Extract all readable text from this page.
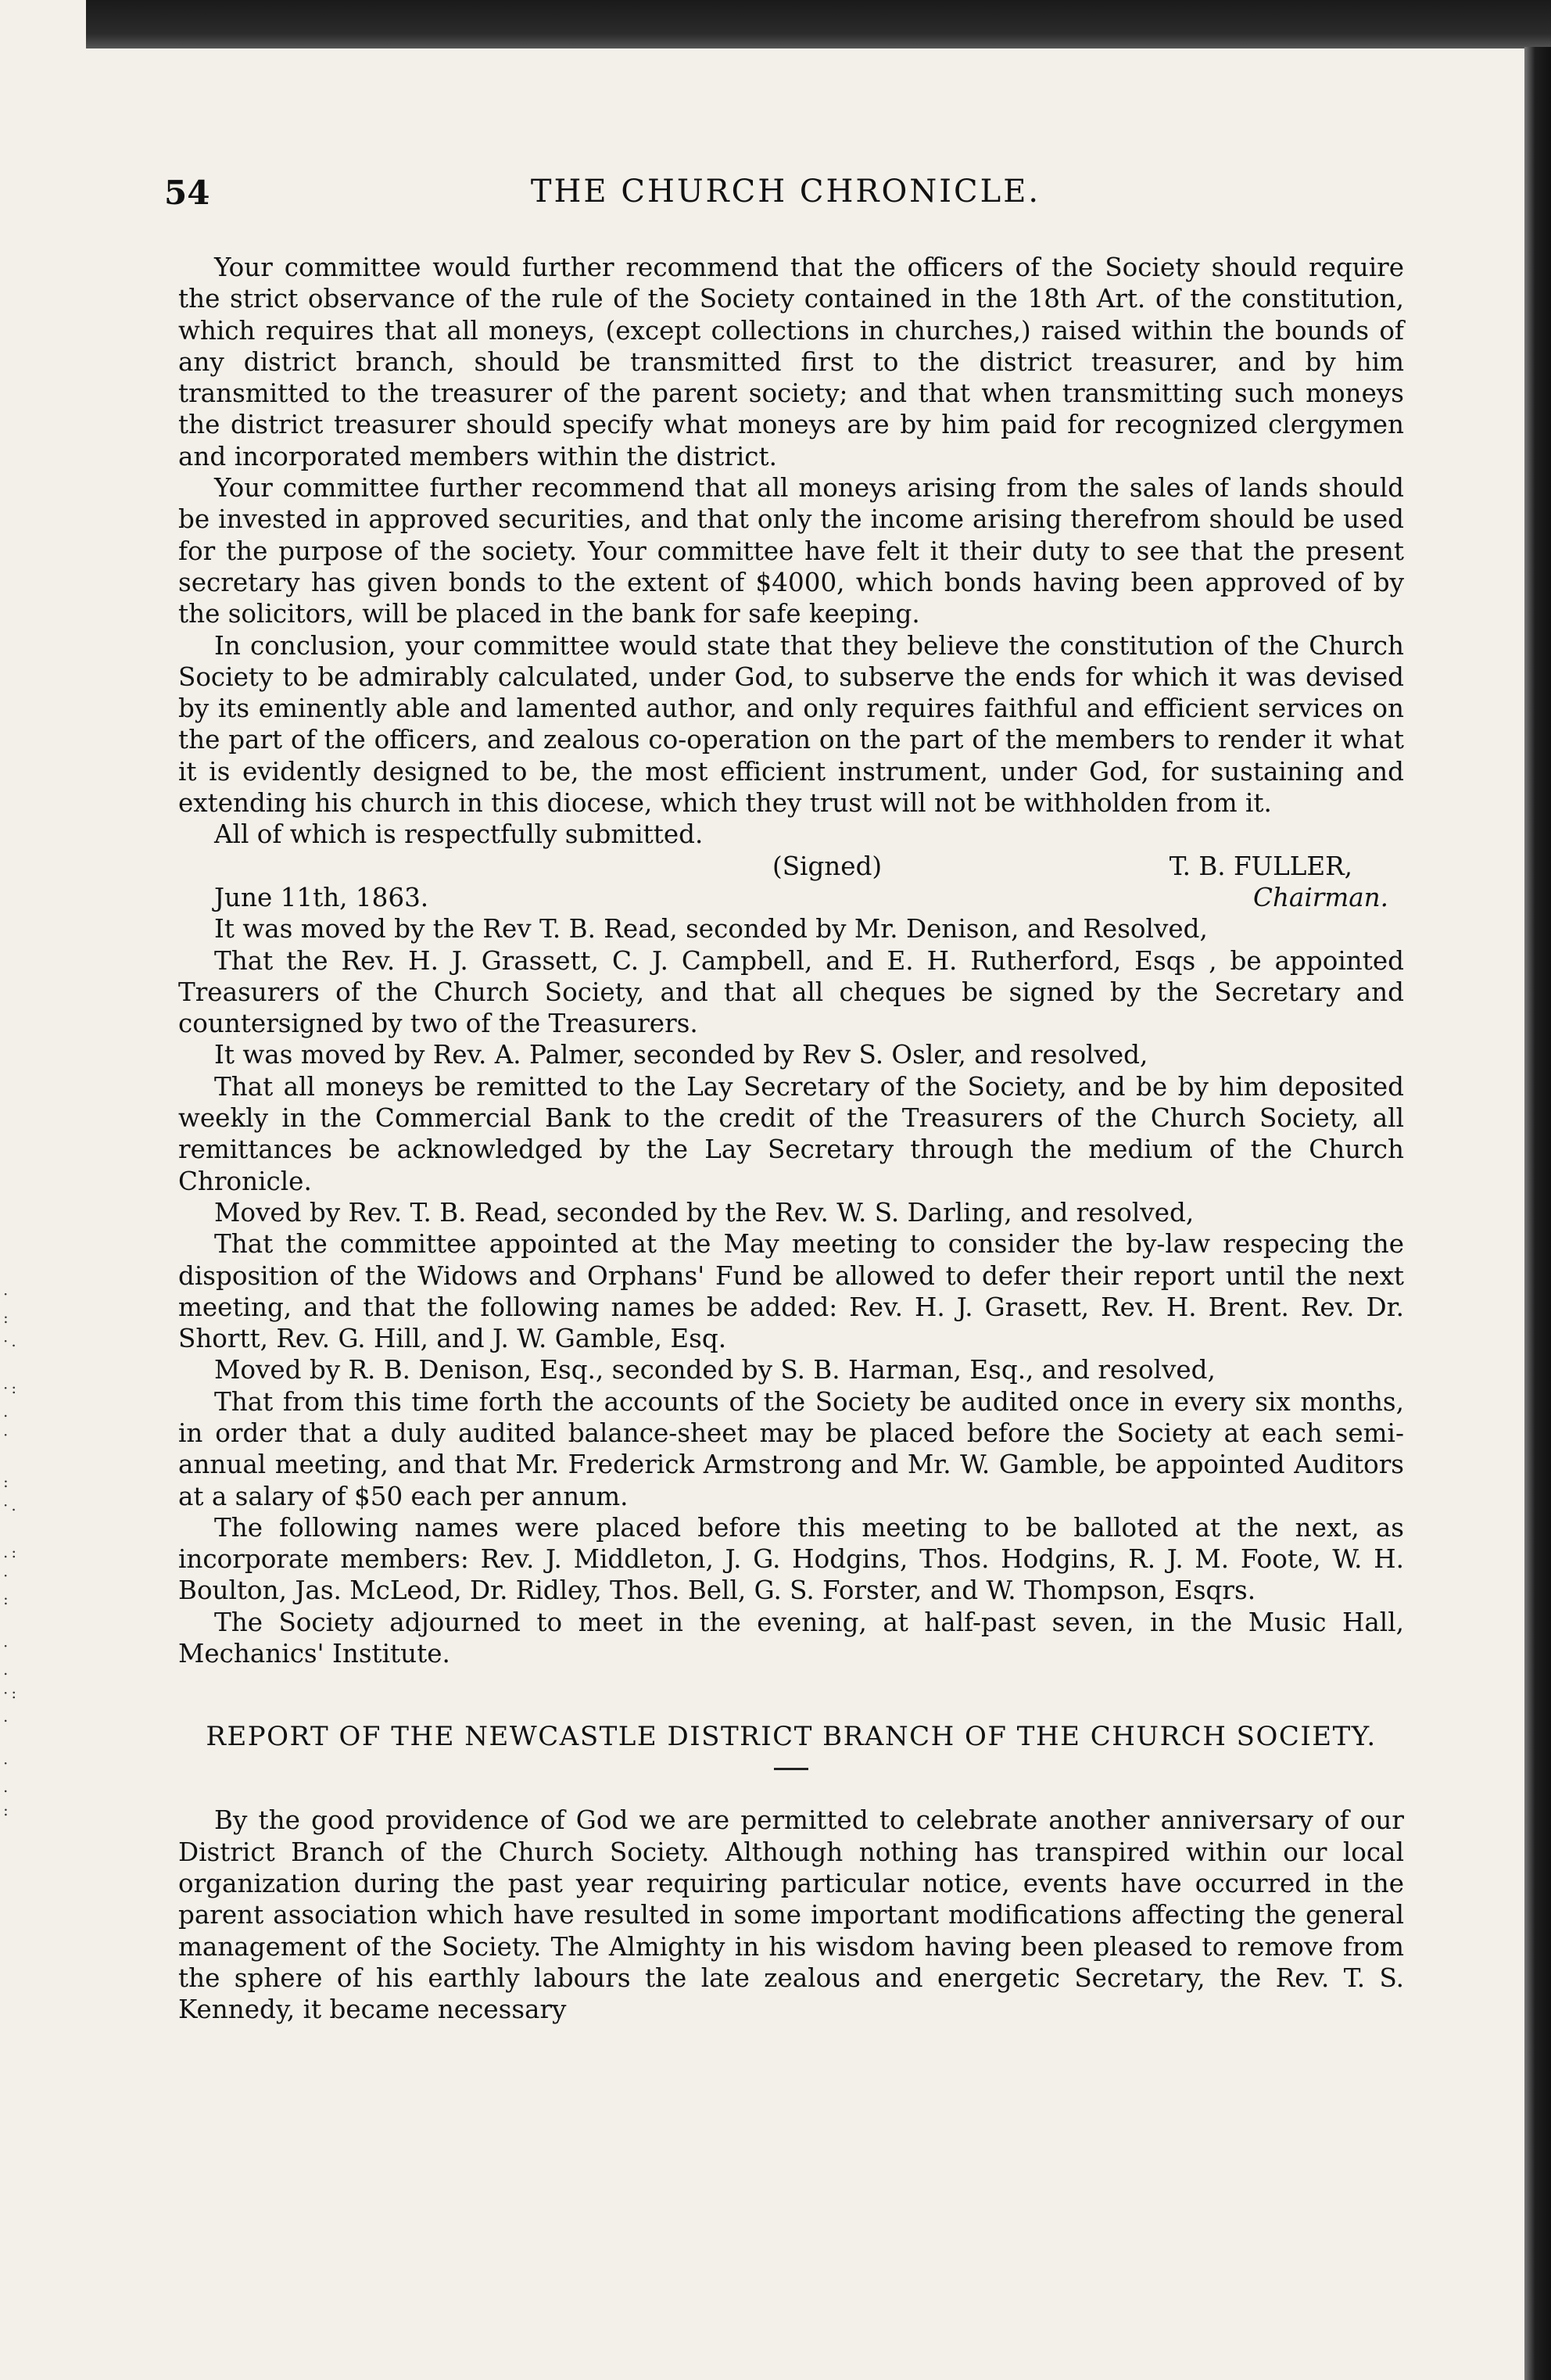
·
:
·.

·:
.
·

:
·.

.:
·
:

·
.
·:
.

·
.
:
THE CHURCH CHRONICLE.
54

Your committee would further recommend that the officers of the Society should require the strict observance of the rule of the Society contained in the 18th Art. of the constitution, which requires that all moneys, (except collections in churches,) raised within the bounds of any district branch, should be transmitted first to the district treasurer, and by him transmitted to the treasurer of the parent society; and that when transmitting such moneys the district treasurer should specify what moneys are by him paid for recognized clergymen and incorporated members within the district.

Your committee further recommend that all moneys arising from the sales of lands should be invested in approved securities, and that only the income arising therefrom should be used for the purpose of the society. Your committee have felt it their duty to see that the present secretary has given bonds to the extent of $4000, which bonds having been approved of by the solicitors, will be placed in the bank for safe keeping.

In conclusion, your committee would state that they believe the constitution of the Church Society to be admirably calculated, under God, to subserve the ends for which it was devised by its eminently able and lamented author, and only requires faithful and efficient services on the part of the officers, and zealous co-operation on the part of the members to render it what it is evidently designed to be, the most efficient instrument, under God, for sustaining and extending his church in this diocese, which they trust will not be withholden from it.

All of which is respectfully submitted.

(Signed)	T. B. FULLER,
June 11th, 1863.	Chairman.

It was moved by the Rev T. B. Read, seconded by Mr. Denison, and Resolved,

That the Rev. H. J. Grassett, C. J. Campbell, and E. H. Rutherford, Esqs , be appointed Treasurers of the Church Society, and that all cheques be signed by the Secretary and countersigned by two of the Treasurers.

It was moved by Rev. A. Palmer, seconded by Rev S. Osler, and resolved,

That all moneys be remitted to the Lay Secretary of the Society, and be by him deposited weekly in the Commercial Bank to the credit of the Treasurers of the Church Society, all remittances be acknowledged by the Lay Secretary through the medium of the Church Chronicle.

Moved by Rev. T. B. Read, seconded by the Rev. W. S. Darling, and resolved,

That the committee appointed at the May meeting to consider the by-law respecing the disposition of the Widows and Orphans' Fund be allowed to defer their report until the next meeting, and that the following names be added: Rev. H. J. Grasett, Rev. H. Brent. Rev. Dr. Shortt, Rev. G. Hill, and J. W. Gamble, Esq.

Moved by R. B. Denison, Esq., seconded by S. B. Harman, Esq., and resolved,

That from this time forth the accounts of the Society be audited once in every six months, in order that a duly audited balance-sheet may be placed before the Society at each semi-annual meeting, and that Mr. Frederick Armstrong and Mr. W. Gamble, be appointed Auditors at a salary of $50 each per annum.

The following names were placed before this meeting to be balloted at the next, as incorporate members: Rev. J. Middleton, J. G. Hodgins, Thos. Hodgins, R. J. M. Foote, W. H. Boulton, Jas. McLeod, Dr. Ridley, Thos. Bell, G. S. Forster, and W. Thompson, Esqrs.

The Society adjourned to meet in the evening, at half-past seven, in the Music Hall, Mechanics' Institute.

REPORT OF THE NEWCASTLE DISTRICT BRANCH OF THE CHURCH SOCIETY.

By the good providence of God we are permitted to celebrate another anniversary of our District Branch of the Church Society. Although nothing has transpired within our local organization during the past year requiring particular notice, events have occurred in the parent association which have resulted in some important modifications affecting the general management of the Society. The Almighty in his wisdom having been pleased to remove from the sphere of his earthly labours the late zealous and energetic Secretary, the Rev. T. S. Kennedy, it became necessary
